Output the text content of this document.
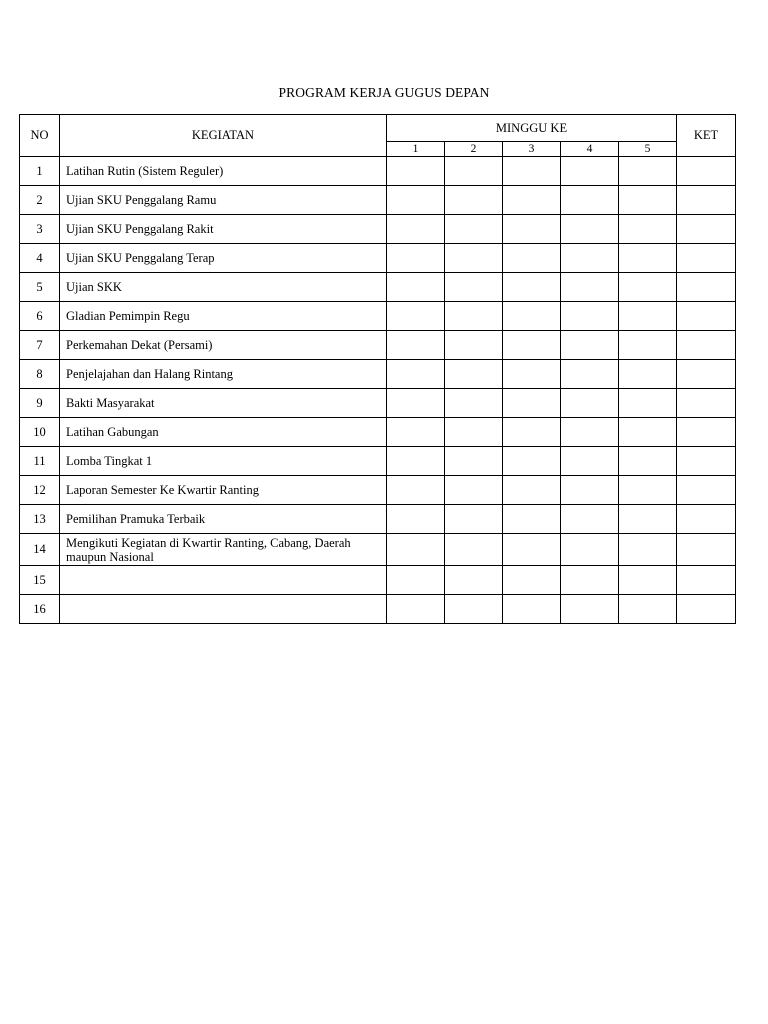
PROGRAM KERJA GUGUS DEPAN
NO	KEGIATAN	MINGGU KE					KET
		1	2	3	4	5	
1	Latihan Rutin (Sistem Reguler)						
2	Ujian SKU Penggalang Ramu						
3	Ujian SKU Penggalang Rakit						
4	Ujian SKU Penggalang Terap						
5	Ujian SKK						
6	Gladian Pemimpin Regu						
7	Perkemahan Dekat (Persami)						
8	Penjelajahan dan Halang Rintang						
9	Bakti Masyarakat						
10	Latihan Gabungan						
11	Lomba Tingkat 1						
12	Laporan Semester Ke Kwartir Ranting						
13	Pemilihan Pramuka Terbaik						
14	Mengikuti Kegiatan di Kwartir Ranting, Cabang, Daerah maupun Nasional						
15							
16							
